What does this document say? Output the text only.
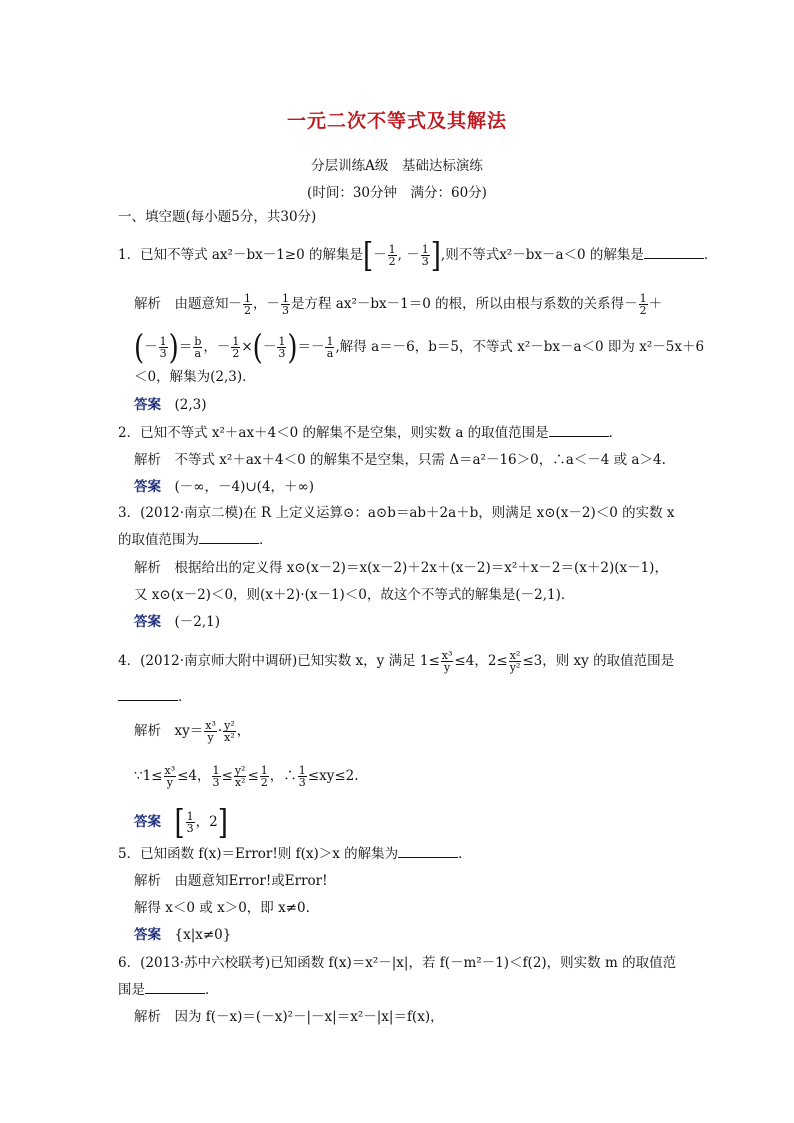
一元二次不等式及其解法
分层训练A级　基础达标演练
(时间：30分钟　满分：60分)
一、填空题(每小题5分，共30分)
1．已知不等式 ax²－bx－1≥0 的解集是[－ $\frac{1}{2}$ , － $\frac{1}{3}$ ],则不等式x²－bx－a＜0 的解集是	．
解析　 由题意知－ $\frac{1}{2}$ ，－ $\frac{1}{3}$ 是方程 ax²－bx－1＝0 的根，所以由根与系数的关系得－ $\frac{1}{2}$ ＋
(－ $\frac{1}{3}$ )＝ $\frac{b}{a}$ ，－ $\frac{1}{2}$ ×(－ $\frac{1}{3}$ )＝－ $\frac{1}{a}$ ,解得 a＝－6，b＝5，不等式 x²－bx－a＜0 即为 x²－5x＋6
＜0，解集为(2,3)．
答案　 (2,3)
2．已知不等式 x²＋ax＋4＜0 的解集不是空集，则实数 a 的取值范围是	．
解析　 不等式 x²＋ax＋4＜0 的解集不是空集，只需 Δ＝a²－16＞0，∴a＜－4 或 a＞4.
答案　 (－∞，－4)∪(4，＋∞)
3．(2012·南京二模)在 R 上定义运算⊙：a⊙b＝ab＋2a＋b，则满足 x⊙(x－2)＜0 的实数 x
的取值范围为	．
解析　 根据给出的定义得 x⊙(x－2)＝x(x－2)＋2x＋(x－2)＝x²＋x－2＝(x＋2)(x－1)，
又 x⊙(x－2)＜0，则(x＋2)·(x－1)＜0，故这个不等式的解集是(－2,1)．
答案　 (－2,1)
4．(2012·南京师大附中调研)已知实数 x，y 满足 $1\le \frac{\text{x³}}{y} \le 4$，$2\le \frac{\text{x²}}{\text{y²}} \le 3$，则 xy 的取值范围是
．
解析　 $xy= \frac{\text{x³}}{y} \cdot \frac{\text{y²}}{\text{x²}}$ ，
∵1≤ $\frac{\text{x³}}{y} \le 4$， $\frac{1}{3} \le \frac{\text{y²}}{\text{x²}} \le \frac{1}{2}$ ，∴ $\frac{1}{3} \le xy\le 2$.
答案　 [ $\frac{1}{3}$ ，2]
5．已知函数 f(x)＝Error!则 f(x)＞x 的解集为	．
解析　 由题意知Error!或Error!
解得 x＜0 或 x＞0，即 x≠0.
答案　 {x|x≠0}
6．(2013·苏中六校联考)已知函数 f(x)＝x²－|x|，若 f(－m²－1)＜f(2)，则实数 m 的取值范
围是	．
解析　 因为 f(－x)＝(－x)²－|－x|＝x²－|x|＝f(x)，
